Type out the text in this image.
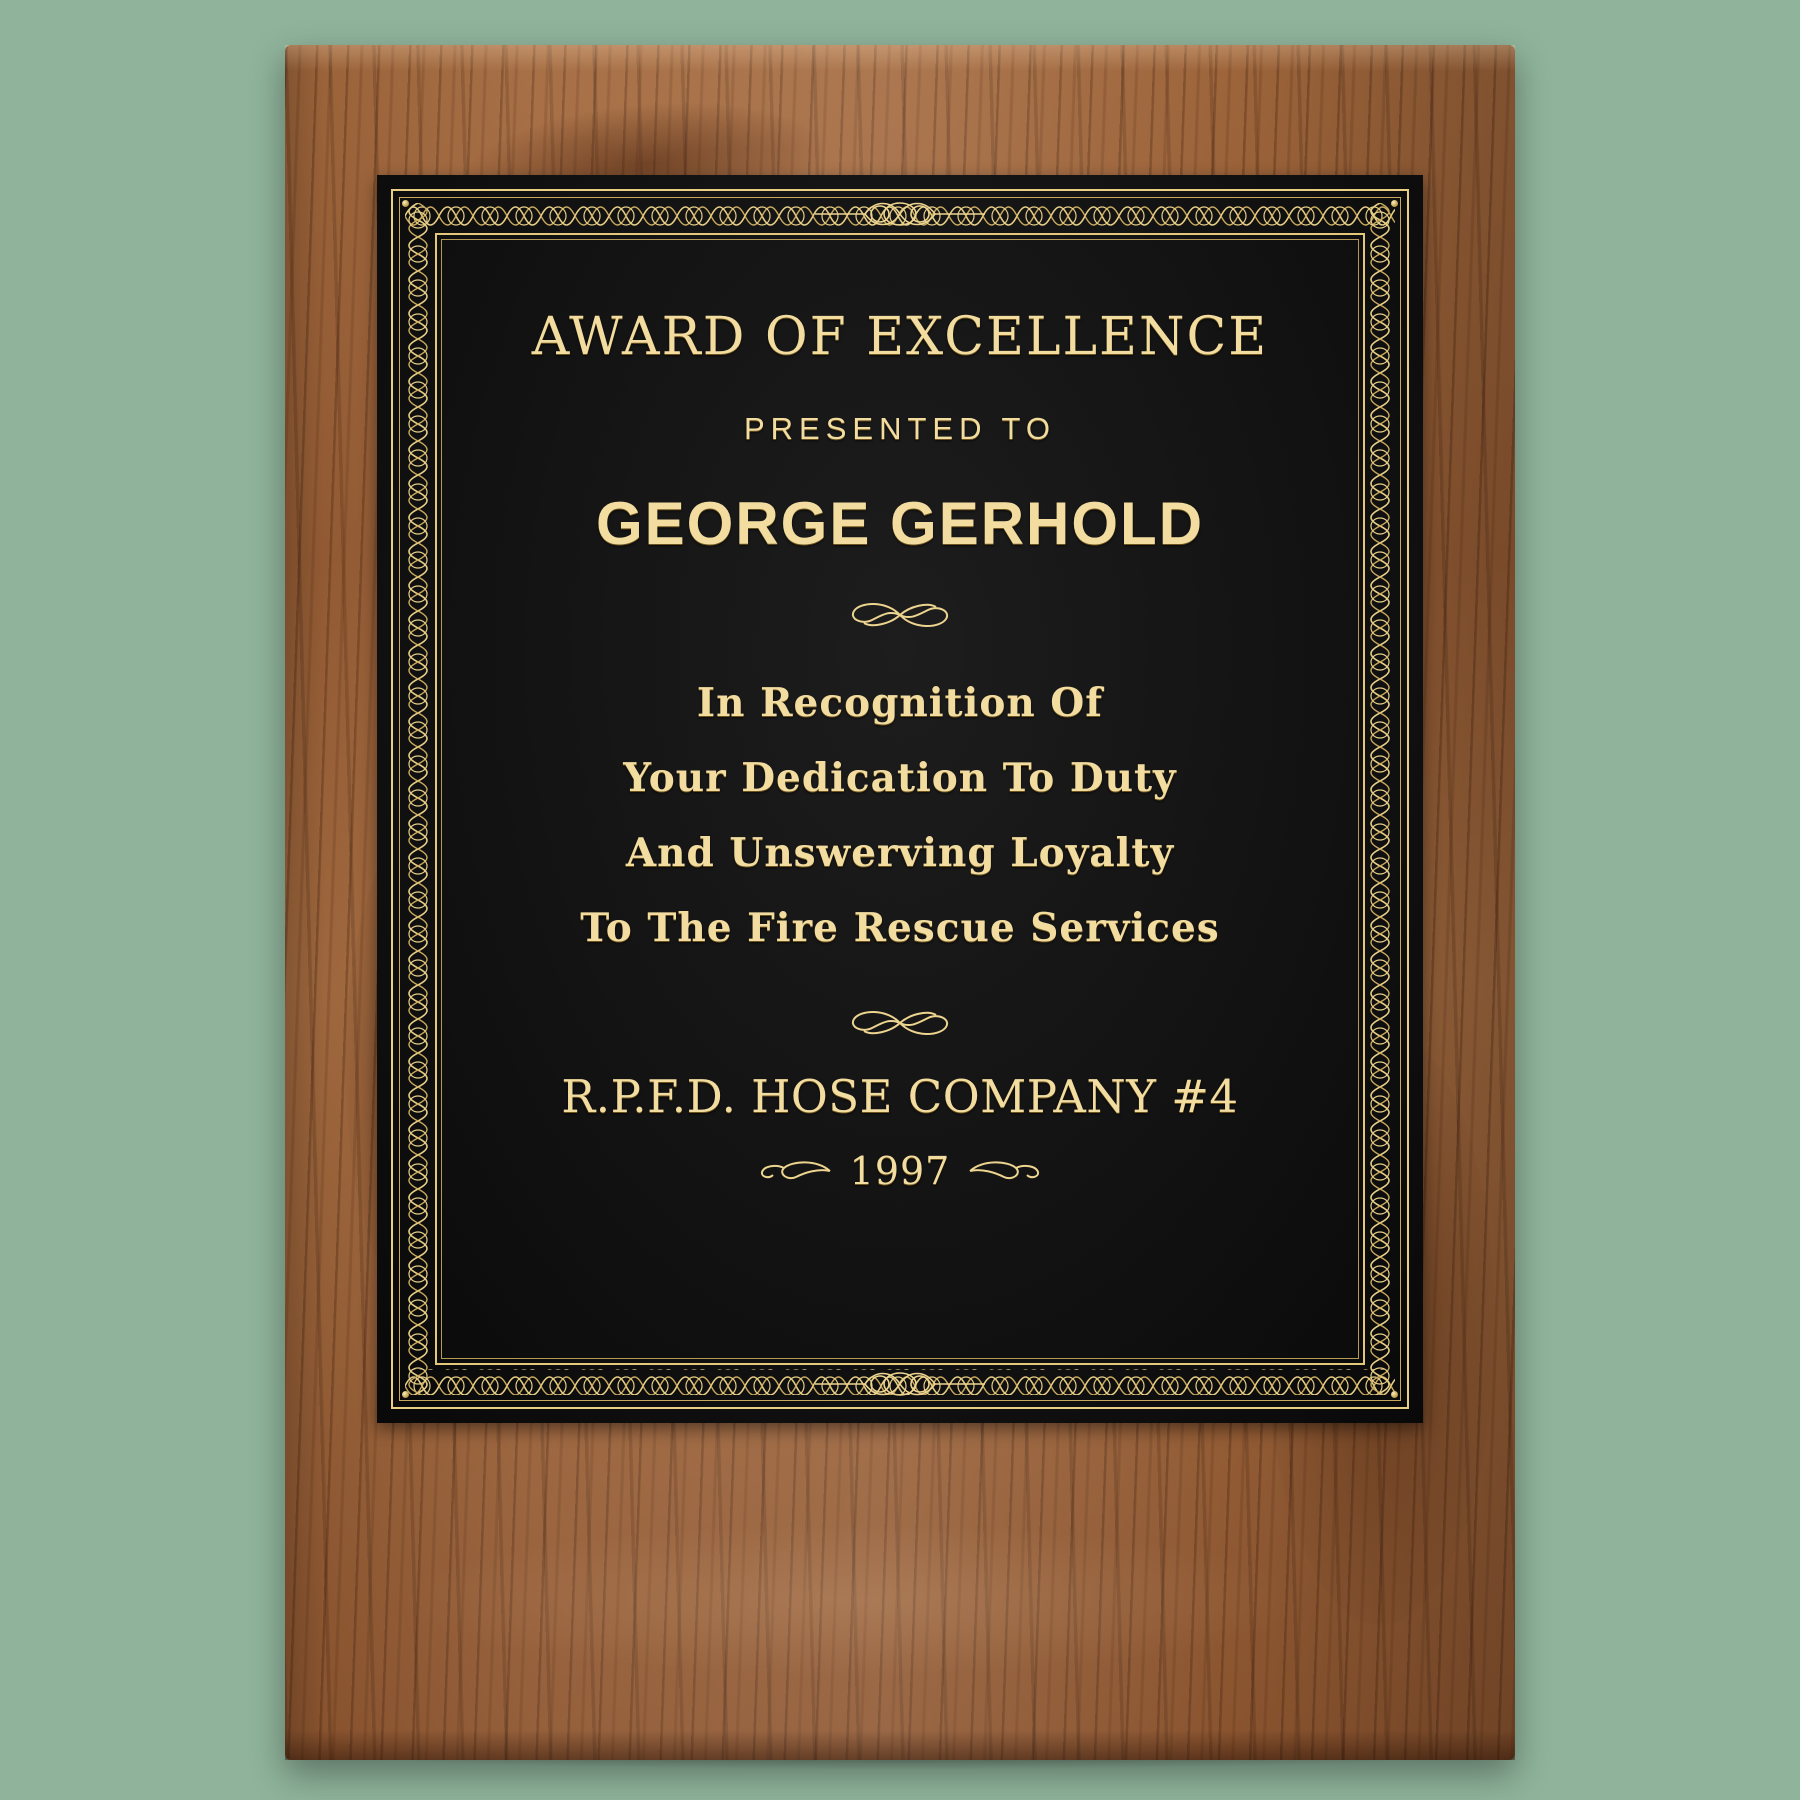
AWARD OF EXCELLENCE
PRESENTED TO
GEORGE GERHOLD
In Recognition Of
Your Dedication To Duty
And Unswerving Loyalty
To The Fire Rescue Services
R.P.F.D. HOSE COMPANY #4
1997
